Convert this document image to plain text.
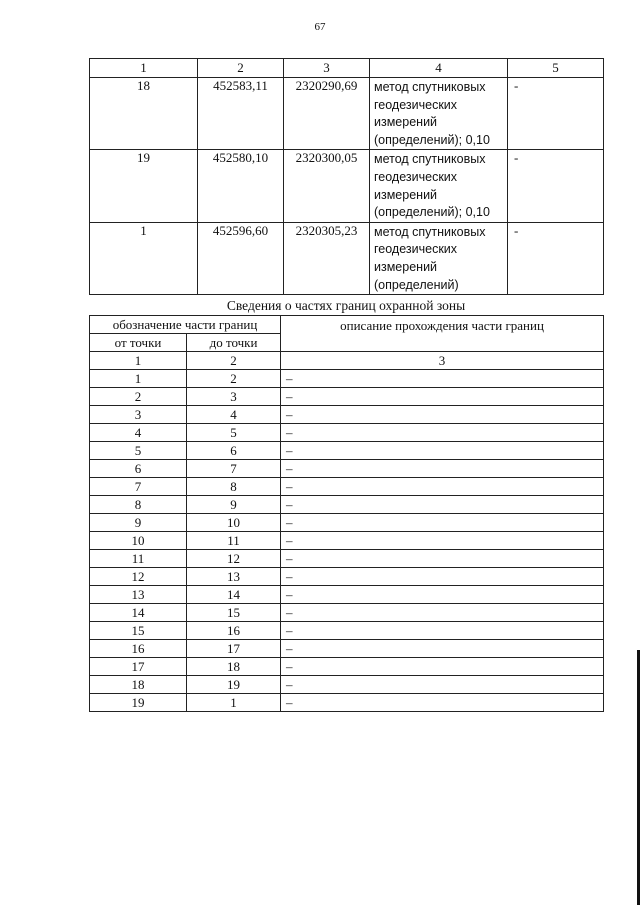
67
1	2	3	4	5
18	452583,11	2320290,69	метод спутниковых
геодезических
измерений
(определений); 0,10	-
19	452580,10	2320300,05	метод спутниковых
геодезических
измерений
(определений); 0,10	-
1	452596,60	2320305,23	метод спутниковых
геодезических
измерений
(определений)	-
Сведения о частях границ охранной зоны
обозначение части границ		описание прохождения части границ
от точки	до точки	
1	2	3
1	2	–
2	3	–
3	4	–
4	5	–
5	6	–
6	7	–
7	8	–
8	9	–
9	10	–
10	11	–
11	12	–
12	13	–
13	14	–
14	15	–
15	16	–
16	17	–
17	18	–
18	19	–
19	1	–
